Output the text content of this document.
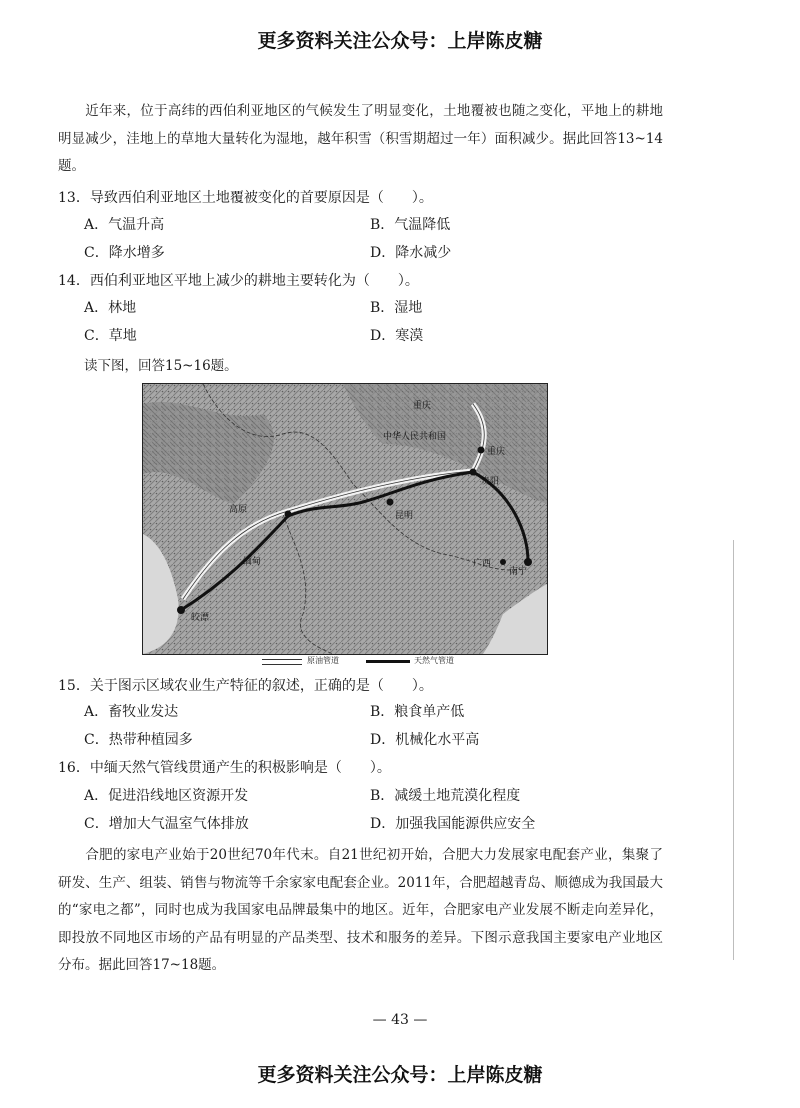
更多资料关注公众号：上岸陈皮糖
近年来，位于高纬的西伯利亚地区的气候发生了明显变化，土地覆被也随之变化，平地上的耕地明显减少，洼地上的草地大量转化为湿地，越年积雪（积雪期超过一年）面积减少。据此回答13~14题。
13．导致西伯利亚地区土地覆被变化的首要原因是（　　）。
A．气温升高	B．气温降低
C．降水增多	D．降水减少
14．西伯利亚地区平地上减少的耕地主要转化为（　　）。
A．林地	B．湿地
C．草地	D．寒漠
读下图，回答15~16题。
重庆
中华人民共和国
重庆
贵阳
昆明
高原
缅甸	广西
南宁
皎漂
原油管道	天然气管道
15．关于图示区域农业生产特征的叙述，正确的是（　　）。
A．畜牧业发达	B．粮食单产低
C．热带种植园多	D．机械化水平高
16．中缅天然气管线贯通产生的积极影响是（　　）。
A．促进沿线地区资源开发	B．减缓土地荒漠化程度
C．增加大气温室气体排放	D．加强我国能源供应安全
合肥的家电产业始于20世纪70年代末。自21世纪初开始，合肥大力发展家电配套产业，集聚了研发、生产、组装、销售与物流等千余家家电配套企业。2011年，合肥超越青岛、顺德成为我国最大的“家电之都”，同时也成为我国家电品牌最集中的地区。近年，合肥家电产业发展不断走向差异化，即投放不同地区市场的产品有明显的产品类型、技术和服务的差异。下图示意我国主要家电产业地区分布。据此回答17~18题。
— 43 —
更多资料关注公众号：上岸陈皮糖
